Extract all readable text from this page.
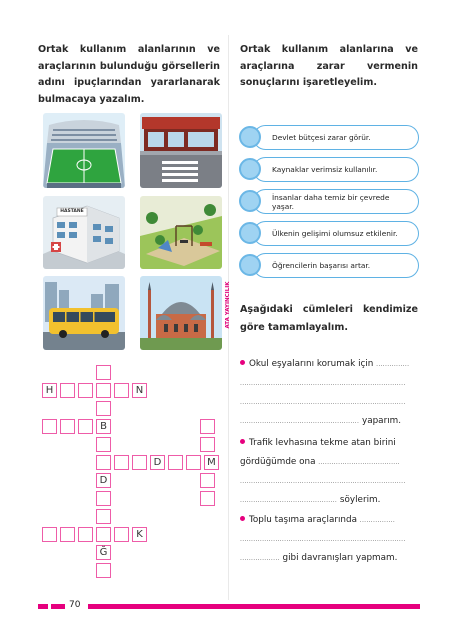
ATA YAYINCILIK
Ortak kullanım alanlarının ve araçlarının bulunduğu görsellerin adını ipuçlarından yararlanarak bulmacaya yazalım.
Ortak kullanım alanlarına ve araçlarına zarar vermenin sonuçlarını işaretleyelim.
HASTANE
Devlet bütçesi zarar görür.
Kaynaklar verimsiz kullanılır.
İnsanlar daha temiz bir çevrede yaşar.
Ülkenin gelişimi olumsuz etkilenir.
Öğrencilerin başarısı artar.
Aşağıdaki cümleleri kendimize göre tamamlayalım.
Okul eşyalarını korumak için ...............
...........................................................................
...........................................................................
...................................................... yaparım.
Trafik levhasına tekme atan birini
gördüğümde ona .....................................
...........................................................................
............................................ söylerim.
Toplu taşıma araçlarında ................
...........................................................................
.................. gibi davranışları yapmam.
D
Ğ
H	N
D	M
K
B
70
